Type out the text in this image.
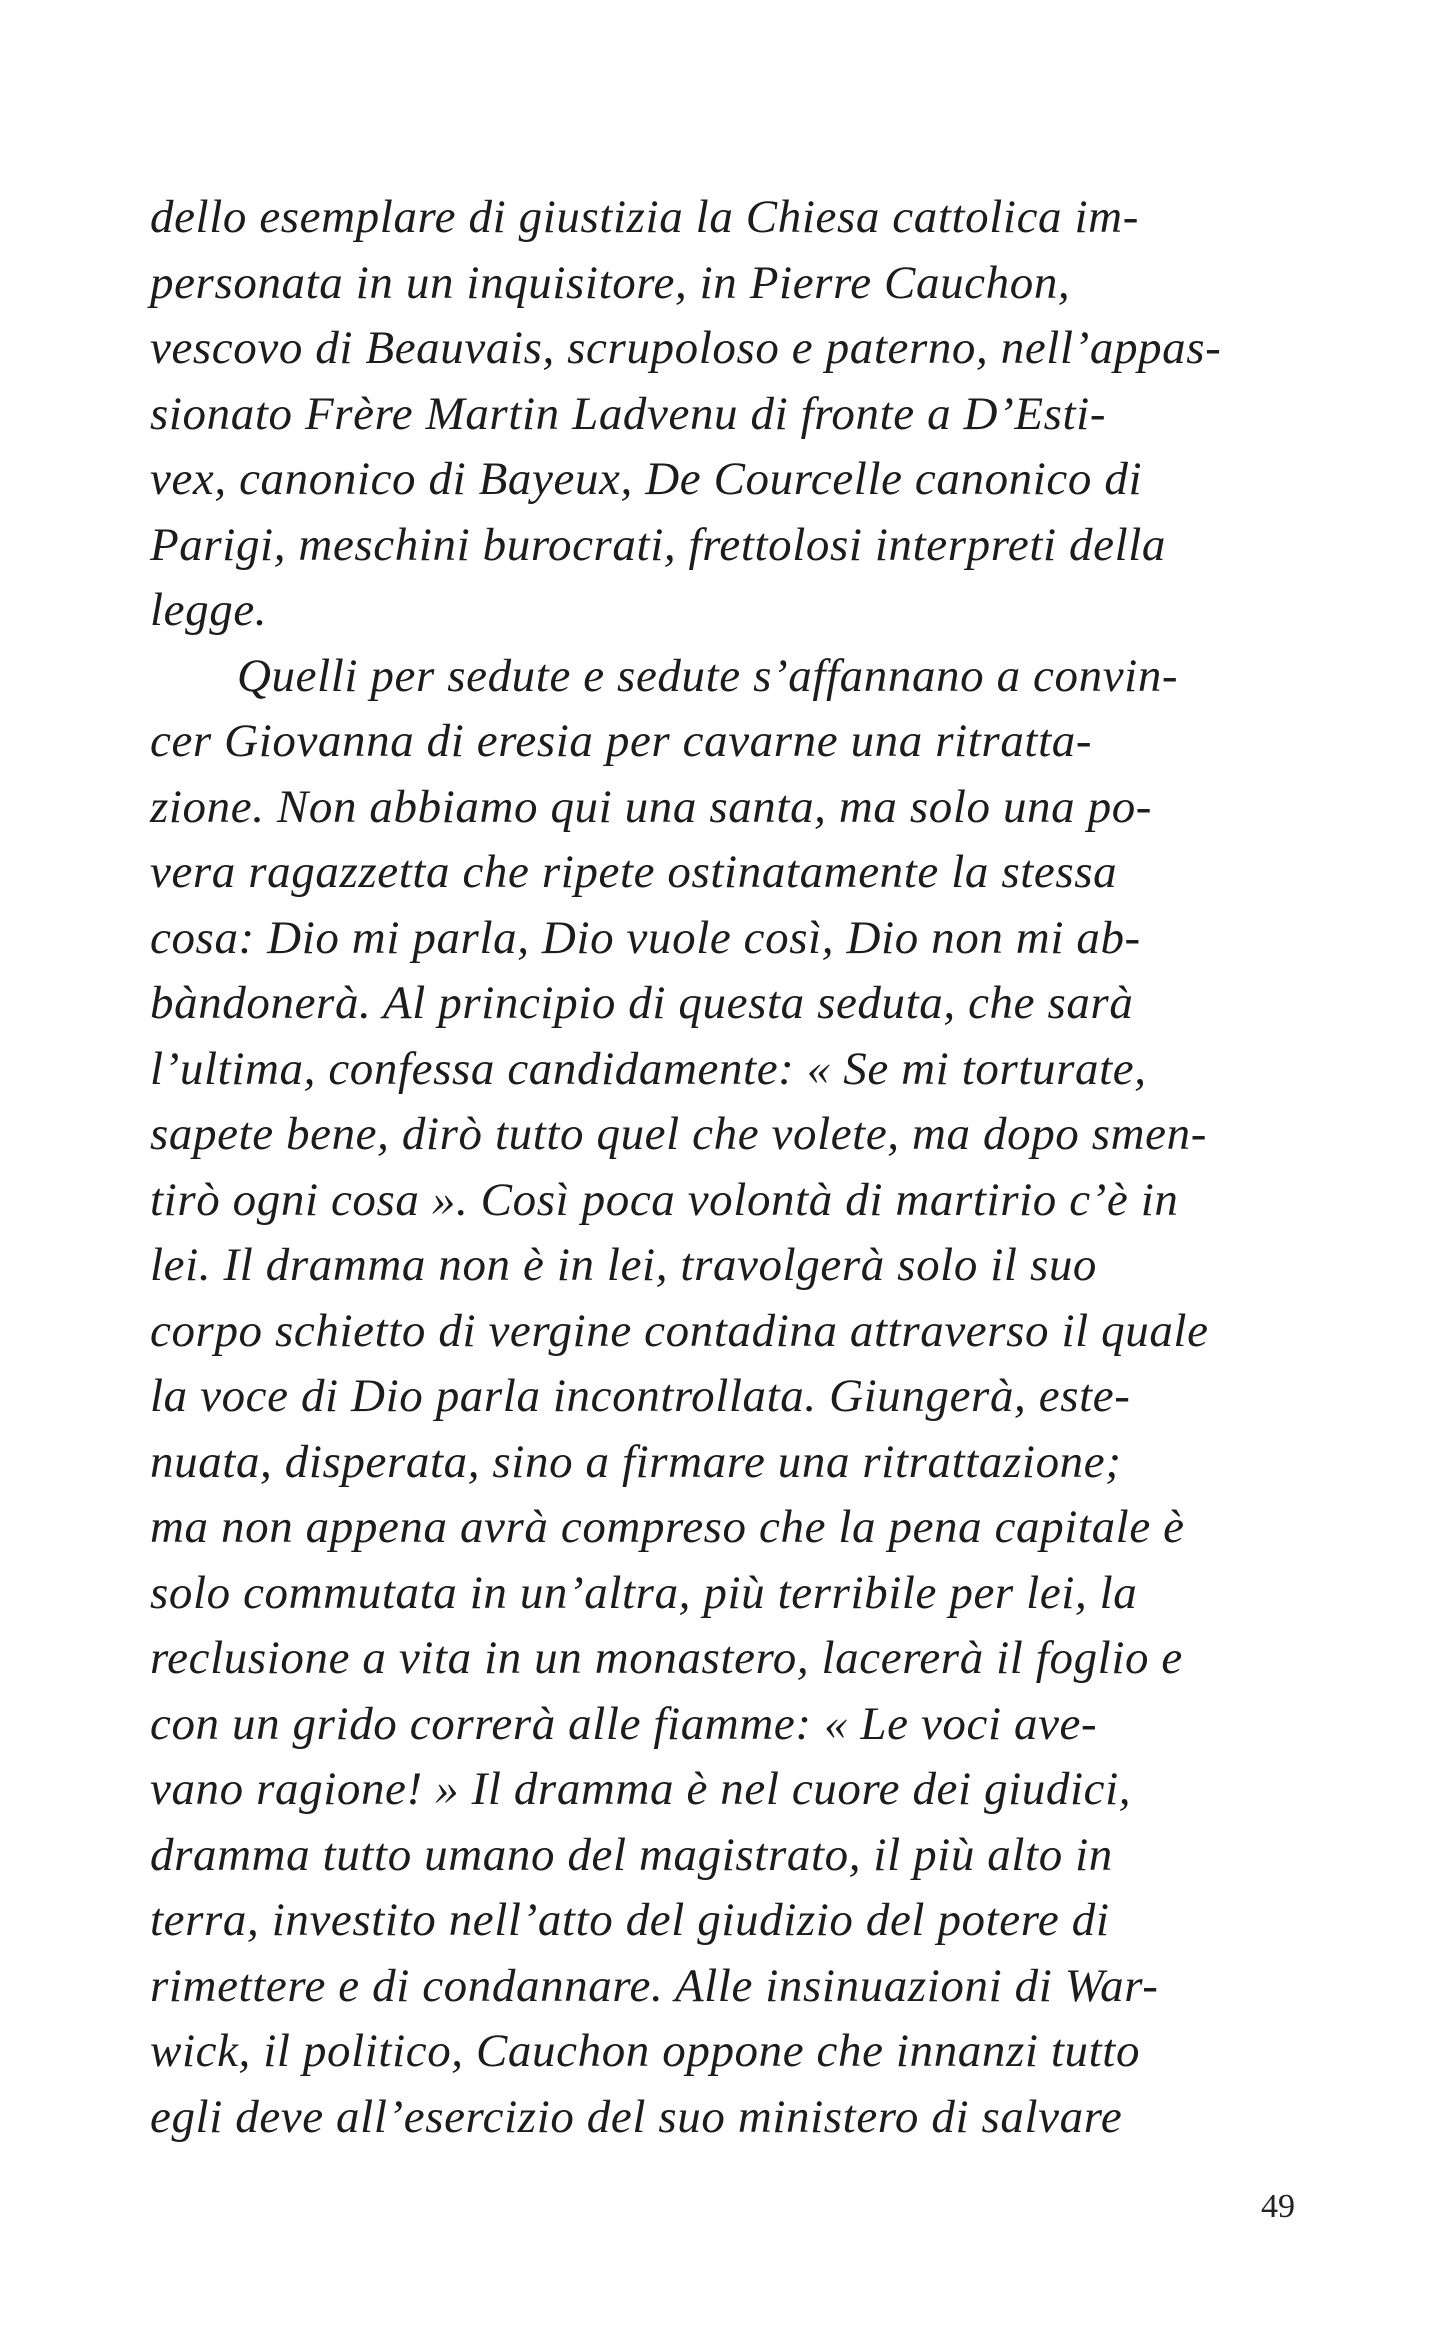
dello esemplare di giustizia la Chiesa cattolica im-
personata in un inquisitore, in Pierre Cauchon,
vescovo di Beauvais, scrupoloso e paterno, nell’appas-
sionato Frère Martin Ladvenu di fronte a D’Esti-
vex, canonico di Bayeux, De Courcelle canonico di
Parigi, meschini burocrati, frettolosi interpreti della
legge.
Quelli per sedute e sedute s’affannano a convin-
cer Giovanna di eresia per cavarne una ritratta-
zione. Non abbiamo qui una santa, ma solo una po-
vera ragazzetta che ripete ostinatamente la stessa
cosa: Dio mi parla, Dio vuole così, Dio non mi ab-
bàndonerà. Al principio di questa seduta, che sarà
l’ultima, confessa candidamente: « Se mi torturate,
sapete bene, dirò tutto quel che volete, ma dopo smen-
tirò ogni cosa ». Così poca volontà di martirio c’è in
lei. Il dramma non è in lei, travolgerà solo il suo
corpo schietto di vergine contadina attraverso il quale
la voce di Dio parla incontrollata. Giungerà, este-
nuata, disperata, sino a firmare una ritrattazione;
ma non appena avrà compreso che la pena capitale è
solo commutata in un’altra, più terribile per lei, la
reclusione a vita in un monastero, lacererà il foglio e
con un grido correrà alle fiamme: « Le voci ave-
vano ragione! » Il dramma è nel cuore dei giudici,
dramma tutto umano del magistrato, il più alto in
terra, investito nell’atto del giudizio del potere di
rimettere e di condannare. Alle insinuazioni di War-
wick, il politico, Cauchon oppone che innanzi tutto
egli deve all’esercizio del suo ministero di salvare
49
